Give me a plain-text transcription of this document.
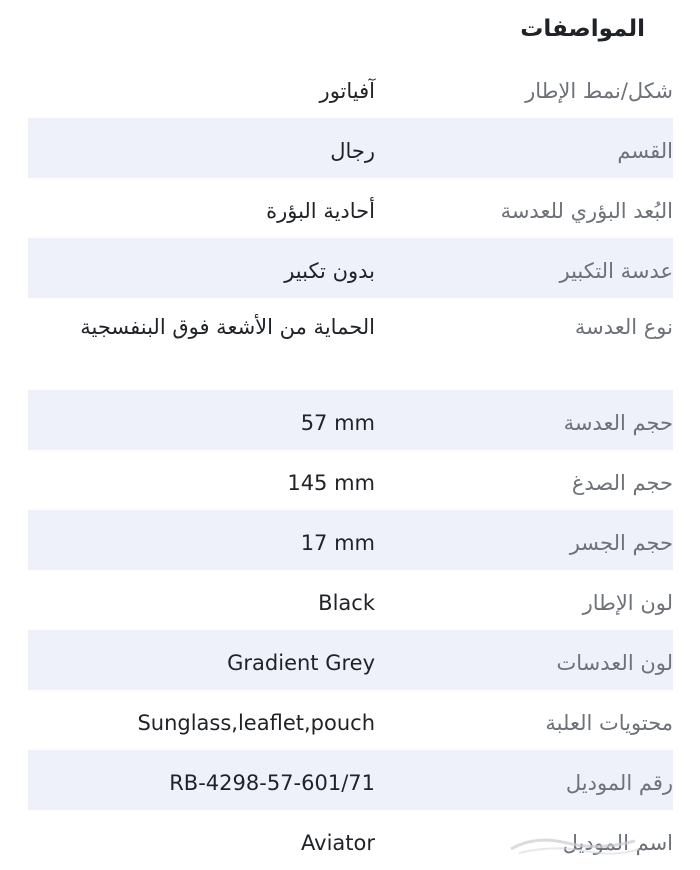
المواصفات
شكل/نمط الإطار
آفياتور
القسم
رجال
البُعد البؤري للعدسة
أحادية البؤرة
عدسة التكبير
بدون تكبير
نوع العدسة
الحماية من الأشعة فوق البنفسجية
حجم العدسة
57 mm
حجم الصدغ
145 mm
حجم الجسر
17 mm
لون الإطار
Black
لون العدسات
Gradient Grey
محتويات العلبة
Sunglass,leaflet,pouch
رقم الموديل
RB-4298-57-601/71
اسم الموديل
Aviator
